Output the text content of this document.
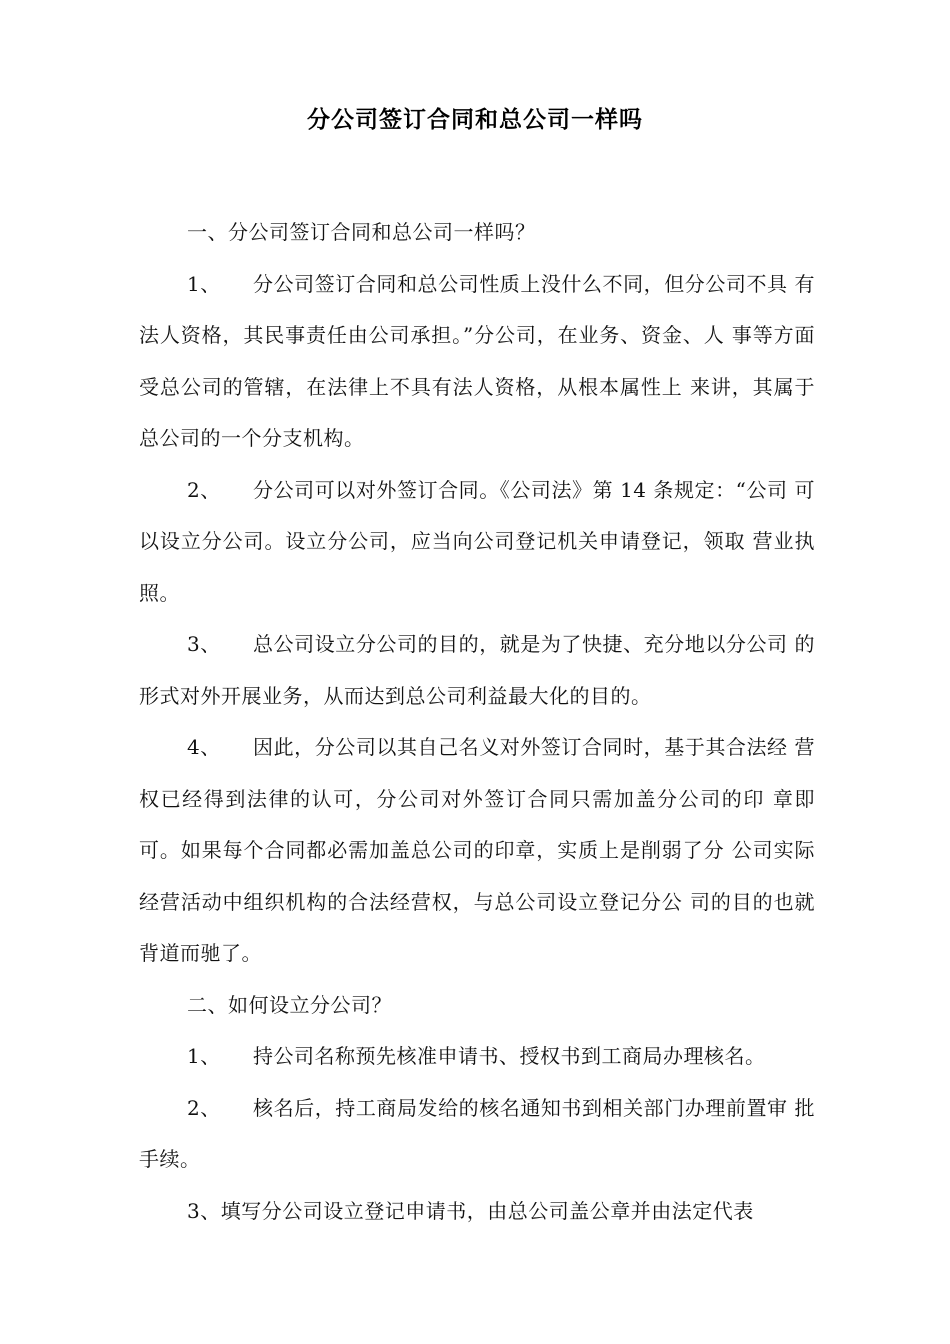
分公司签订合同和总公司一样吗

一、分公司签订合同和总公司一样吗？

1、 分公司签订合同和总公司性质上没什么不同，但分公司不具 有法人资格，其民事责任由公司承担。”分公司，在业务、资金、人 事等方面受总公司的管辖，在法律上不具有法人资格，从根本属性上 来讲，其属于总公司的一个分支机构。

2、 分公司可以对外签订合同。《公司法》第 14 条规定：“公司 可以设立分公司。设立分公司，应当向公司登记机关申请登记，领取 营业执照。

3、 总公司设立分公司的目的，就是为了快捷、充分地以分公司 的形式对外开展业务，从而达到总公司利益最大化的目的。

4、 因此，分公司以其自己名义对外签订合同时，基于其合法经 营权已经得到法律的认可，分公司对外签订合同只需加盖分公司的印 章即可。如果每个合同都必需加盖总公司的印章，实质上是削弱了分 公司实际经营活动中组织机构的合法经营权，与总公司设立登记分公 司的目的也就背道而驰了。

二、如何设立分公司？

1、 持公司名称预先核准申请书、授权书到工商局办理核名。

2、 核名后，持工商局发给的核名通知书到相关部门办理前置审 批手续。

3、填写分公司设立登记申请书，由总公司盖公章并由法定代表
